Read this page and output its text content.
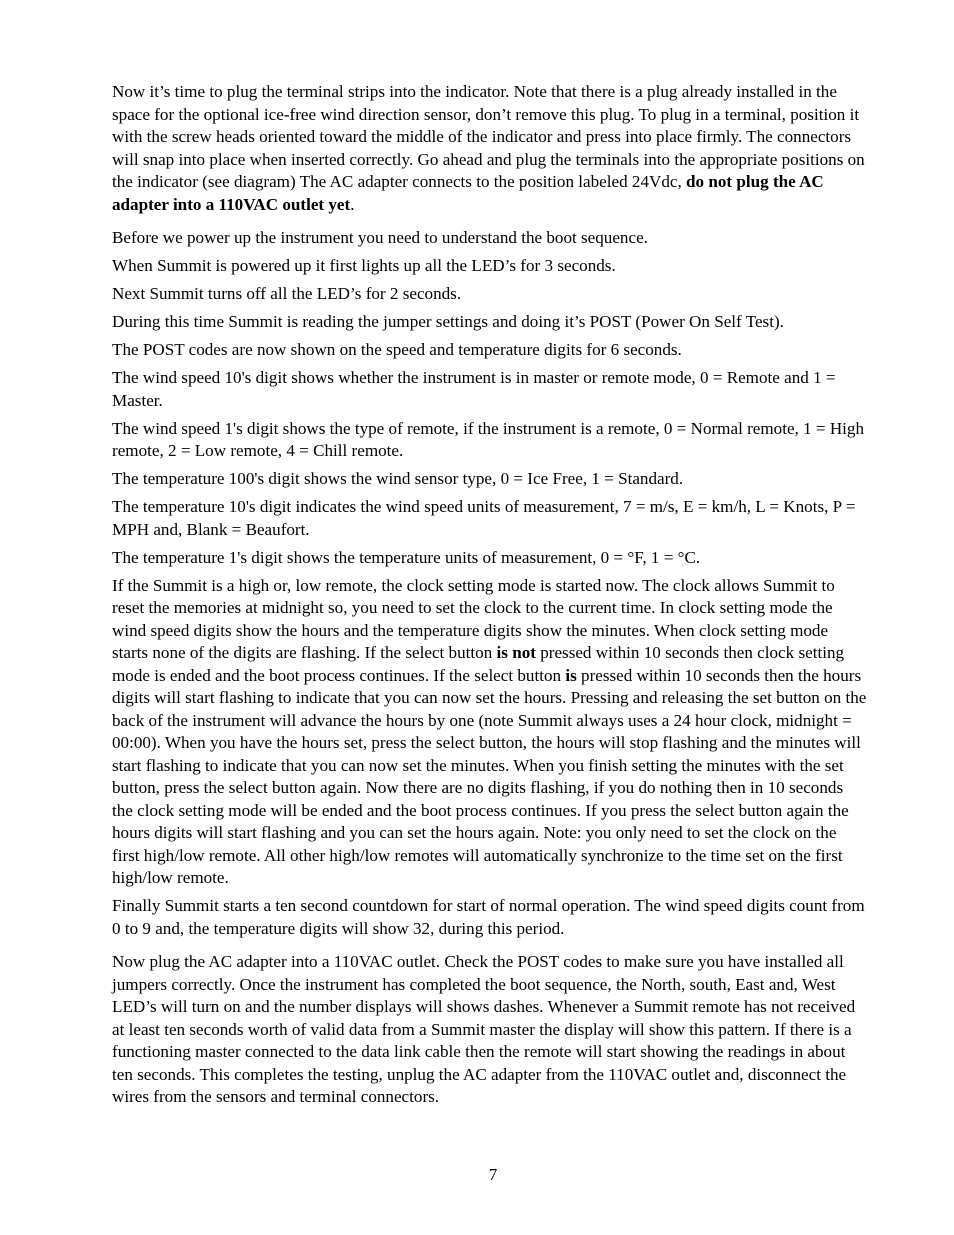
Now it’s time to plug the terminal strips into the indicator. Note that there is a plug already installed in the space for the optional ice-free wind direction sensor, don’t remove this plug. To plug in a terminal, position it with the screw heads oriented toward the middle of the indicator and press into place firmly. The connectors will snap into place when inserted correctly. Go ahead and plug the terminals into the appropriate positions on the indicator (see diagram) The AC adapter connects to the position labeled 24Vdc, do not plug the AC adapter into a 110VAC outlet yet.

Before we power up the instrument you need to understand the boot sequence.

When Summit is powered up it first lights up all the LED’s for 3 seconds.

Next Summit turns off all the LED’s for 2 seconds.

During this time Summit is reading the jumper settings and doing it’s POST (Power On Self Test).

The POST codes are now shown on the speed and temperature digits for 6 seconds.

The wind speed 10's digit shows whether the instrument is in master or remote mode, 0 = Remote and 1 = Master.

The wind speed 1's digit shows the type of remote, if the instrument is a remote, 0 = Normal remote, 1 = High remote, 2 = Low remote, 4 = Chill remote.

The temperature 100's digit shows the wind sensor type, 0 = Ice Free, 1 = Standard.

The temperature 10's digit indicates the wind speed units of measurement, 7 = m/s, E = km/h, L = Knots, P = MPH and, Blank = Beaufort.

The temperature 1's digit shows the temperature units of measurement, 0 = °F, 1 = °C.

If the Summit is a high or, low remote, the clock setting mode is started now. The clock allows Summit to reset the memories at midnight so, you need to set the clock to the current time. In clock setting mode the wind speed digits show the hours and the temperature digits show the minutes. When clock setting mode starts none of the digits are flashing. If the select button is not pressed within 10 seconds then clock setting mode is ended and the boot process continues. If the select button is pressed within 10 seconds then the hours digits will start flashing to indicate that you can now set the hours. Pressing and releasing the set button on the back of the instrument will advance the hours by one (note Summit always uses a 24 hour clock, midnight = 00:00). When you have the hours set, press the select button, the hours will stop flashing and the minutes will start flashing to indicate that you can now set the minutes. When you finish setting the minutes with the set button, press the select button again. Now there are no digits flashing, if you do nothing then in 10 seconds the clock setting mode will be ended and the boot process continues. If you press the select button again the hours digits will start flashing and you can set the hours again. Note: you only need to set the clock on the first high/low remote. All other high/low remotes will automatically synchronize to the time set on the first high/low remote.

Finally Summit starts a ten second countdown for start of normal operation. The wind speed digits count from 0 to 9 and, the temperature digits will show 32, during this period.

Now plug the AC adapter into a 110VAC outlet. Check the POST codes to make sure you have installed all jumpers correctly. Once the instrument has completed the boot sequence, the North, south, East and, West LED’s will turn on and the number displays will shows dashes. Whenever a Summit remote has not received at least ten seconds worth of valid data from a Summit master the display will show this pattern. If there is a functioning master connected to the data link cable then the remote will start showing the readings in about ten seconds. This completes the testing, unplug the AC adapter from the 110VAC outlet and, disconnect the wires from the sensors and terminal connectors.

7
